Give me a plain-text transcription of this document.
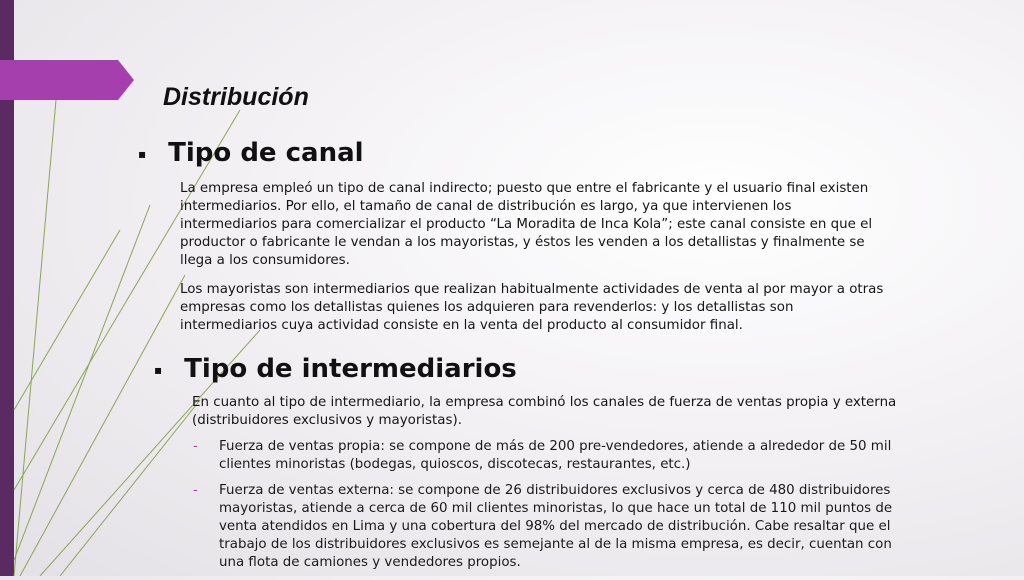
Distribución
▪ Tipo de canal

La empresa empleó un tipo de canal indirecto; puesto que entre el fabricante y el usuario final existen intermediarios. Por ello, el tamaño de canal de distribución es largo, ya que intervienen los intermediarios para comercializar el producto “La Moradita de Inca Kola”; este canal consiste en que el productor o fabricante le vendan a los mayoristas, y éstos les venden a los detallistas y finalmente se llega a los consumidores.

Los mayoristas son intermediarios que realizan habitualmente actividades de venta al por mayor a otras empresas como los detallistas quienes los adquieren para revenderlos: y los detallistas son intermediarios cuya actividad consiste en la venta del producto al consumidor final.

▪ Tipo de intermediarios

En cuanto al tipo de intermediario, la empresa combinó los canales de fuerza de ventas propia y externa (distribuidores exclusivos y mayoristas).

- Fuerza de ventas propia: se compone de más de 200 pre-vendedores, atiende a alrededor de 50 mil clientes minoristas (bodegas, quioscos, discotecas, restaurantes, etc.)
- Fuerza de ventas externa: se compone de 26 distribuidores exclusivos y cerca de 480 distribuidores mayoristas, atiende a cerca de 60 mil clientes minoristas, lo que hace un total de 110 mil puntos de venta atendidos en Lima y una cobertura del 98% del mercado de distribución. Cabe resaltar que el trabajo de los distribuidores exclusivos es semejante al de la misma empresa, es decir, cuentan con una flota de camiones y vendedores propios.
